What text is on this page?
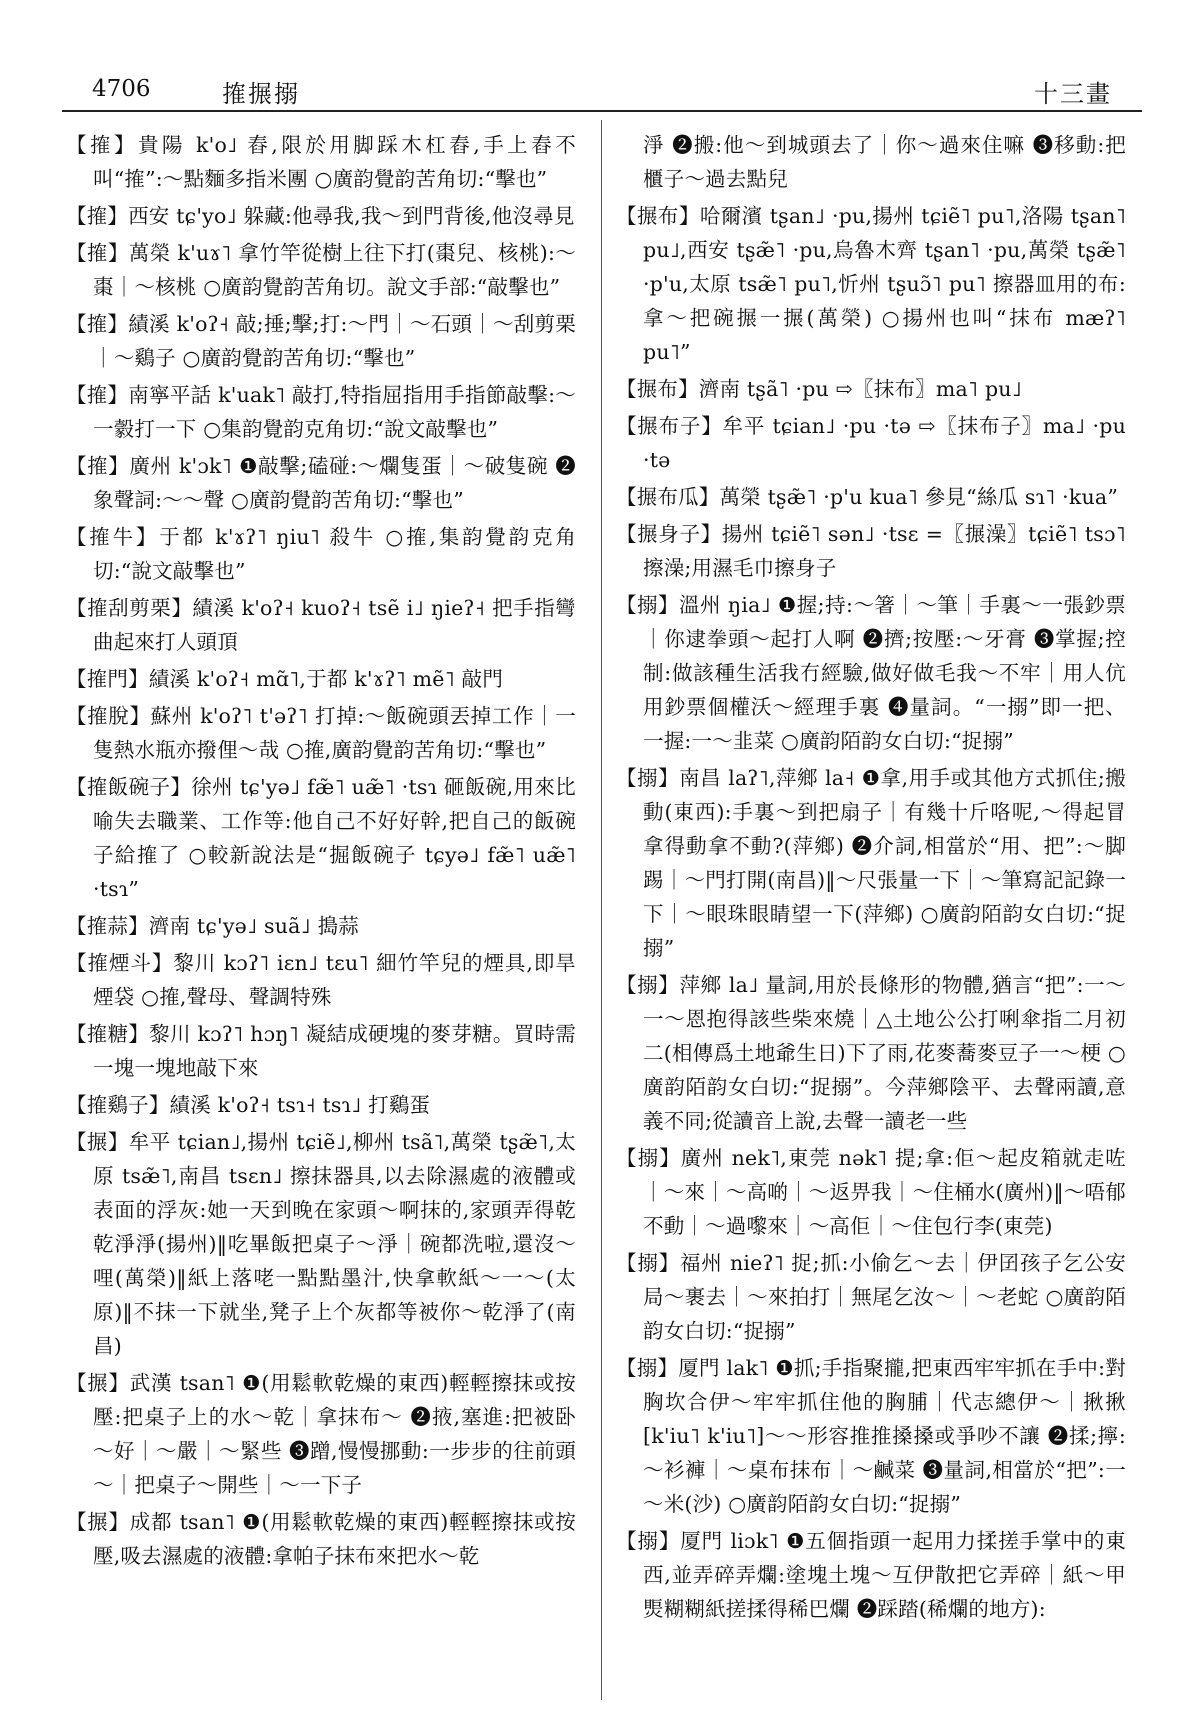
4706	搉搌搦	十三畫

【搉】貴陽 k'o˩ 舂,限於用脚踩木杠舂,手上舂不叫“搉”:～點麵多指米團 ○廣韵覺韵苦角切:“擊也”

【搉】西安 tɕ'yo˩ 躲藏:他尋我,我～到門背後,他沒尋見

【搉】萬榮 k'uɤ˥ 拿竹竿從樹上往下打(棗兒、核桃):～棗｜～核桃 ○廣韵覺韵苦角切。說文手部:“敲擊也”

【搉】績溪 k'oʔ˧ 敲;捶;擊;打:～門｜～石頭｜～刮剪栗｜～鷄子 ○廣韵覺韵苦角切:“擊也”

【搉】南寧平話 k'uak˥ 敲打,特指屈指用手指節敲擊:～一豰打一下 ○集韵覺韵克角切:“說文敲擊也”

【搉】廣州 k'ɔk˥ ❶敲擊;磕碰:～爛隻蛋｜～破隻碗 ❷象聲詞:～～聲 ○廣韵覺韵苦角切:“擊也”

【搉牛】于都 k'ɤʔ˥ ŋiu˥ 殺牛 ○搉,集韵覺韵克角切:“說文敲擊也”

【搉刮剪栗】績溪 k'oʔ˧ kuoʔ˧ tsẽ i˩ ŋieʔ˧ 把手指彎曲起來打人頭頂

【搉門】績溪 k'oʔ˧ mɑ̃˥,于都 k'ɤʔ˥ mẽ˥ 敲門

【搉脫】蘇州 k'oʔ˥ t'əʔ˥ 打掉:～飯碗頭丟掉工作｜一隻熱水瓶亦撥俚～哉 ○搉,廣韵覺韵苦角切:“擊也”

【搉飯碗子】徐州 tɕ'yə˩ fæ̃˥ uæ̃˥ ·tsɿ 砸飯碗,用來比喻失去職業、工作等:他自己不好好幹,把自己的飯碗子給搉了 ○較新說法是“掘飯碗子 tɕyə˩ fæ̃˥ uæ̃˥ ·tsɿ”

【搉蒜】濟南 tɕ'yə˩ suã˩ 搗蒜

【搉煙斗】黎川 kɔʔ˥ iɛn˩ tɛu˥ 細竹竿兒的煙具,即旱煙袋 ○搉,聲母、聲調特殊

【搉糖】黎川 kɔʔ˥ hɔŋ˥ 凝結成硬塊的麥芽糖。買時需一塊一塊地敲下來

【搉鷄子】績溪 k'oʔ˧ tsɿ˧ tsɿ˩ 打鷄蛋

【搌】牟平 tɕian˩,揚州 tɕiẽ˩,柳州 tsã˥,萬榮 tʂæ̃˥,太原 tsæ̃˥,南昌 tsɛn˩ 擦抹器具,以去除濕處的液體或表面的浮灰:她一天到晚在家頭～啊抹的,家頭弄得乾乾淨淨(揚州)‖吃畢飯把桌子～淨｜碗都洗啦,還沒～哩(萬榮)‖紙上落咾一點點墨汁,快拿軟紙～一～(太原)‖不抹一下就坐,凳子上个灰都等被你～乾淨了(南昌)

【搌】武漢 tsan˥ ❶(用鬆軟乾燥的東西)輕輕擦抹或按壓:把桌子上的水～乾｜拿抹布～ ❷掖,塞進:把被卧～好｜～嚴｜～緊些 ❸蹭,慢慢挪動:一步步的往前頭～｜把桌子～開些｜～一下子

【搌】成都 tsan˥ ❶(用鬆軟乾燥的東西)輕輕擦抹或按壓,吸去濕處的液體:拿帕子抹布來把水～乾

淨 ❷搬:他～到城頭去了｜你～過來住嘛 ❸移動:把櫃子～過去點兒

【搌布】哈爾濱 tʂan˩ ·pu,揚州 tɕiẽ˥ pu˥,洛陽 tʂan˥ pu˩,西安 tʂæ̃˥ ·pu,烏魯木齊 tʂan˥ ·pu,萬榮 tʂæ̃˥ ·p'u,太原 tsæ̃˥ pu˥,忻州 tʂuɔ̃˥ pu˥ 擦器皿用的布:拿～把碗搌一搌(萬榮) ○揚州也叫“抹布 mæʔ˥ pu˥”

【搌布】濟南 tʂã˥ ·pu ⇨〖抹布〗ma˥ pu˩

【搌布子】牟平 tɕian˩ ·pu ·tə ⇨〖抹布子〗ma˩ ·pu ·tə

【搌布瓜】萬榮 tʂæ̃˥ ·p'u kua˥ 參見“絲瓜 sɿ˥ ·kua”

【搌身子】揚州 tɕiẽ˥ sən˩ ·tsɛ =〖搌澡〗tɕiẽ˥ tsɔ˥ 擦澡;用濕毛巾擦身子

【搦】溫州 ŋia˩ ❶握;持:～箸｜～筆｜手裏～一張鈔票｜你逮拳頭～起打人啊 ❷擠;按壓:～牙膏 ❸掌握;控制:做該種生活我冇經驗,做好做毛我～不牢｜用人伉用鈔票個權沃～經理手裏 ❹量詞。“一搦”即一把、一握:一～韭菜 ○廣韵陌韵女白切:“捉搦”

【搦】南昌 laʔ˥,萍鄉 la˧ ❶拿,用手或其他方式抓住;搬動(東西):手裏～到把扇子｜有幾十斤咯呢,～得起冒拿得動拿不動?(萍鄉) ❷介詞,相當於“用、把”:～脚踢｜～門打開(南昌)‖～尺張量一下｜～筆寫記記錄一下｜～眼珠眼睛望一下(萍鄉) ○廣韵陌韵女白切:“捉搦”

【搦】萍鄉 la˩ 量詞,用於長條形的物體,猶言“把”:一～一～恩抱得該些柴來燒｜△土地公公打唎傘指二月初二(相傳爲土地爺生日)下了雨,花麥蕎麥豆子一～梗 ○廣韵陌韵女白切:“捉搦”。今萍鄉陰平、去聲兩讀,意義不同;從讀音上說,去聲一讀老一些

【搦】廣州 nek˥,東莞 nək˥ 提;拿:佢～起皮箱就走咗｜～來｜～高啲｜～返畀我｜～住桶水(廣州)‖～唔郁不動｜～過嚟來｜～高佢｜～住包行李(東莞)

【搦】福州 nieʔ˥ 捉;抓:小偷乞～去｜伊囝孩子乞公安局～裹去｜～來拍打｜無尾乞汝～｜～老蛇 ○廣韵陌韵女白切:“捉搦”

【搦】厦門 lak˥ ❶抓;手指聚攏,把東西牢牢抓在手中:對胸坎合伊～牢牢抓住他的胸脯｜代志總伊～｜揪揪[k'iu˥ k'iu˥]～～形容推推搡搡或爭吵不讓 ❷揉;擰:～衫褲｜～桌布抹布｜～鹹菜 ❸量詞,相當於“把”:一～米(沙) ○廣韵陌韵女白切:“捉搦”

【搦】厦門 liɔk˥ ❶五個指頭一起用力揉搓手掌中的東西,並弄碎弄爛:塗塊土塊～互伊散把它弄碎｜紙～甲㷡糊糊紙搓揉得稀巴爛 ❷踩踏(稀爛的地方):
